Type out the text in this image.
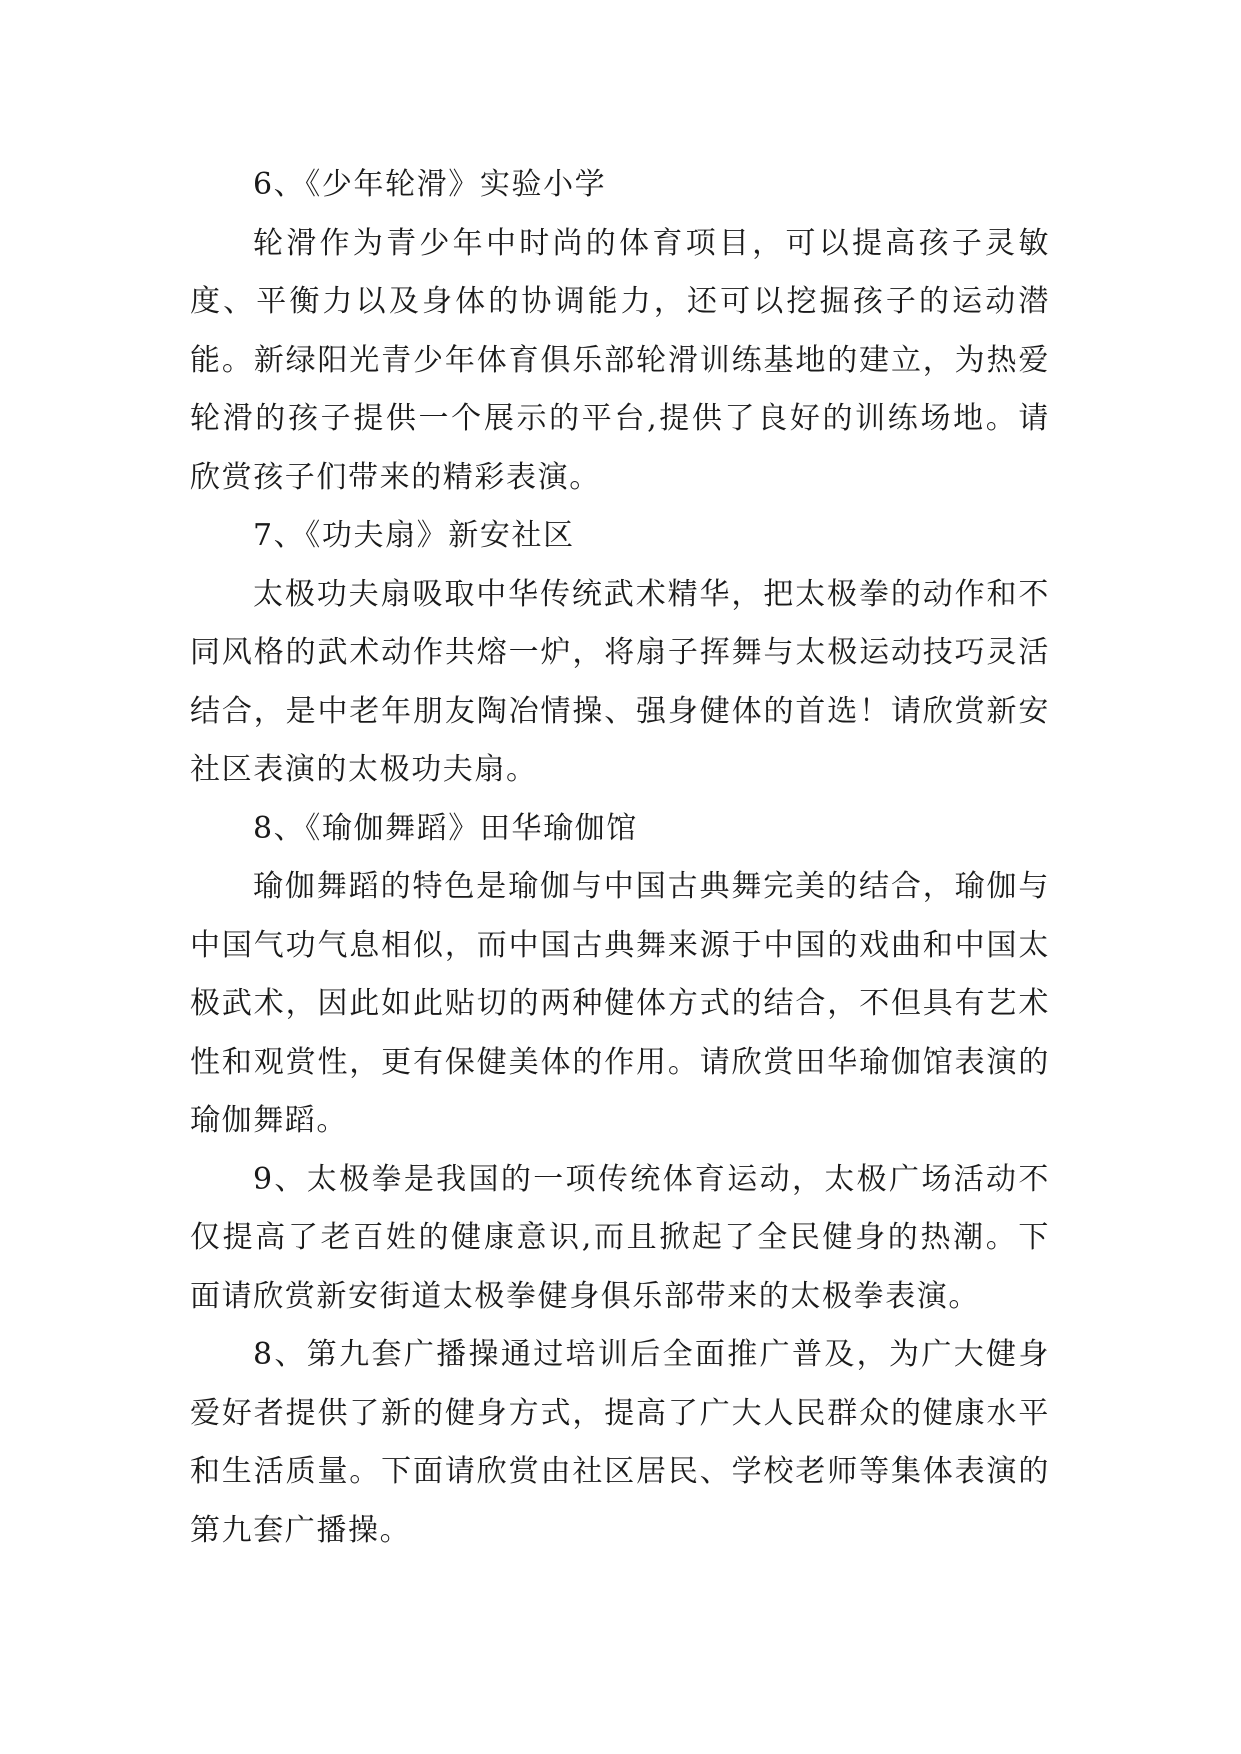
6、《少年轮滑》实验小学

轮滑作为青少年中时尚的体育项目，可以提高孩子灵敏度、平衡力以及身体的协调能力，还可以挖掘孩子的运动潜能。新绿阳光青少年体育俱乐部轮滑训练基地的建立，为热爱轮滑的孩子提供一个展示的平台,提供了良好的训练场地。请欣赏孩子们带来的精彩表演。

7、《功夫扇》新安社区

太极功夫扇吸取中华传统武术精华，把太极拳的动作和不同风格的武术动作共熔一炉，将扇子挥舞与太极运动技巧灵活结合，是中老年朋友陶冶情操、强身健体的首选！请欣赏新安社区表演的太极功夫扇。

8、《瑜伽舞蹈》田华瑜伽馆

瑜伽舞蹈的特色是瑜伽与中国古典舞完美的结合，瑜伽与中国气功气息相似，而中国古典舞来源于中国的戏曲和中国太极武术，因此如此贴切的两种健体方式的结合，不但具有艺术性和观赏性，更有保健美体的作用。请欣赏田华瑜伽馆表演的瑜伽舞蹈。

9、太极拳是我国的一项传统体育运动，太极广场活动不仅提高了老百姓的健康意识,而且掀起了全民健身的热潮。下面请欣赏新安街道太极拳健身俱乐部带来的太极拳表演。

8、第九套广播操通过培训后全面推广普及，为广大健身爱好者提供了新的健身方式，提高了广大人民群众的健康水平和生活质量。下面请欣赏由社区居民、学校老师等集体表演的第九套广播操。
